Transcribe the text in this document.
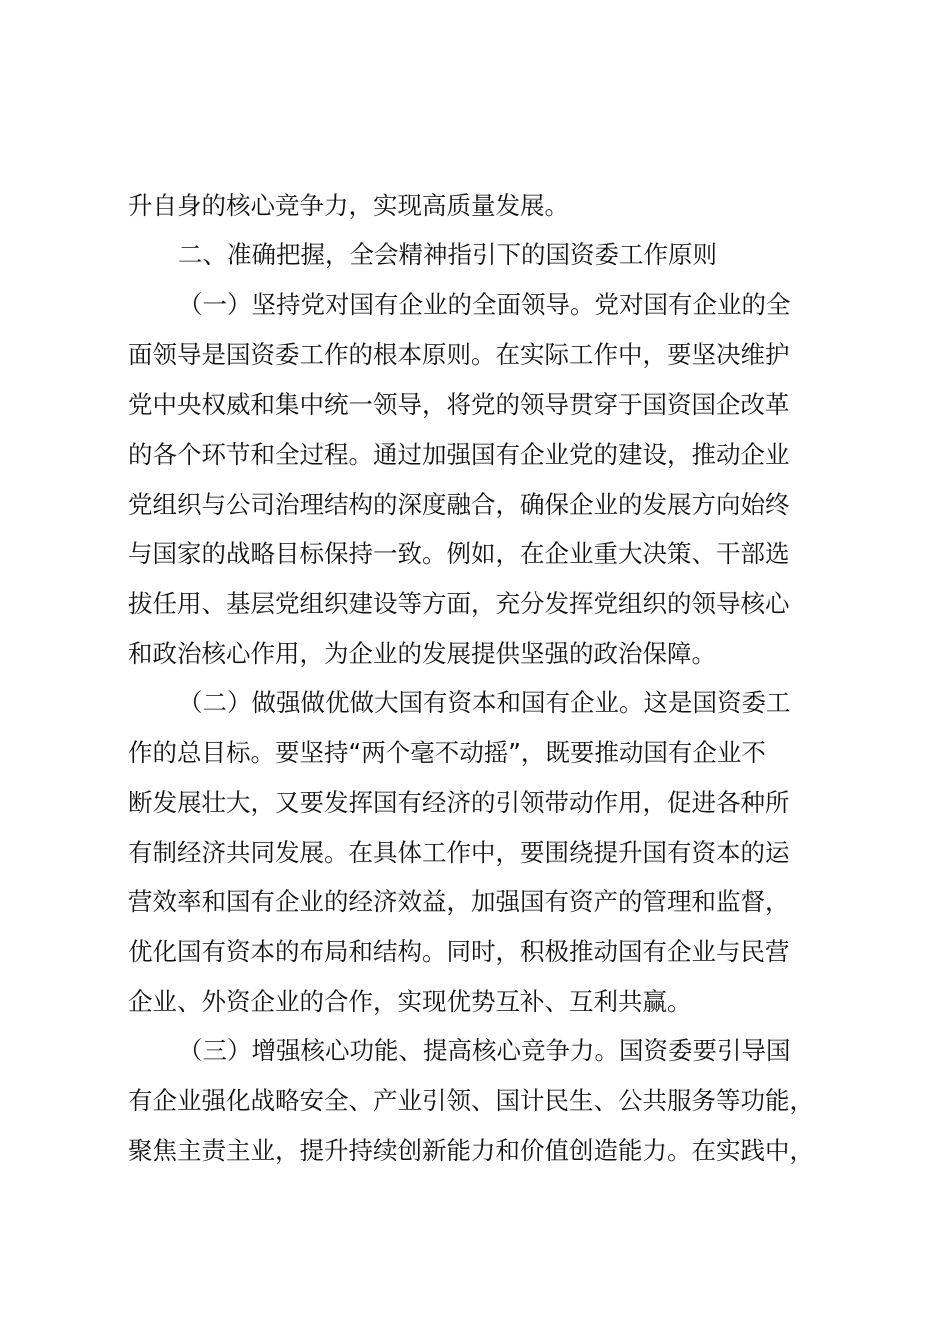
升自身的核心竞争力，实现高质量发展。
二、准确把握，全会精神指引下的国资委工作原则
（一）坚持党对国有企业的全面领导。党对国有企业的全
面领导是国资委工作的根本原则。在实际工作中，要坚决维护
党中央权威和集中统一领导，将党的领导贯穿于国资国企改革
的各个环节和全过程。通过加强国有企业党的建设，推动企业
党组织与公司治理结构的深度融合，确保企业的发展方向始终
与国家的战略目标保持一致。例如，在企业重大决策、干部选
拔任用、基层党组织建设等方面，充分发挥党组织的领导核心
和政治核心作用，为企业的发展提供坚强的政治保障。
（二）做强做优做大国有资本和国有企业。这是国资委工
作的总目标。要坚持“两个毫不动摇”，既要推动国有企业不
断发展壮大，又要发挥国有经济的引领带动作用，促进各种所
有制经济共同发展。在具体工作中，要围绕提升国有资本的运
营效率和国有企业的经济效益，加强国有资产的管理和监督，
优化国有资本的布局和结构。同时，积极推动国有企业与民营
企业、外资企业的合作，实现优势互补、互利共赢。
（三）增强核心功能、提高核心竞争力。国资委要引导国
有企业强化战略安全、产业引领、国计民生、公共服务等功能，
聚焦主责主业，提升持续创新能力和价值创造能力。在实践中，
